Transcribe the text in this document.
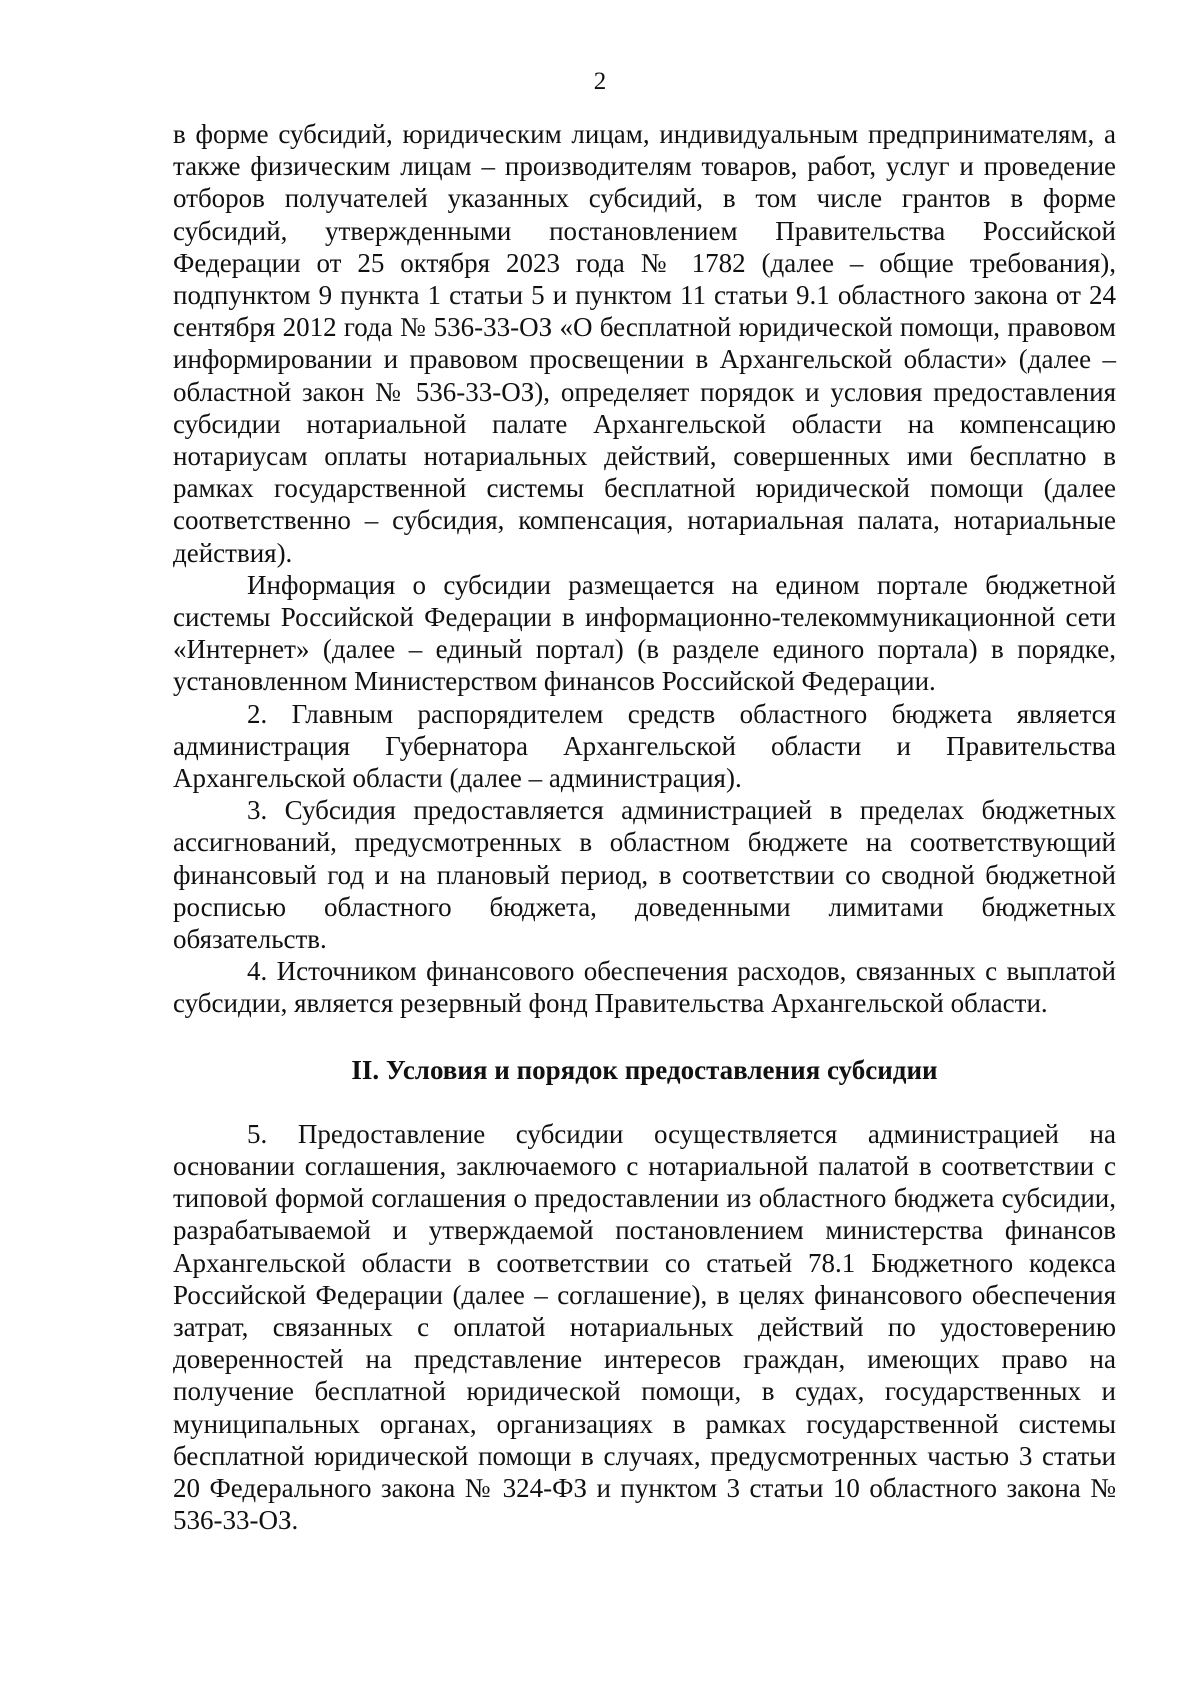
2

в форме субсидий, юридическим лицам, индивидуальным предпринимателям, а также физическим лицам – производителям товаров, работ, услуг и проведение отборов получателей указанных субсидий, в том числе грантов в форме субсидий, утвержденными постановлением Правительства Российской Федерации от 25 октября 2023 года № 1782 (далее – общие требования), подпунктом 9 пункта 1 статьи 5 и пунктом 11 статьи 9.1 областного закона от 24 сентября 2012 года № 536-33-ОЗ «О бесплатной юридической помощи, правовом информировании и правовом просвещении в Архангельской области» (далее – областной закон № 536-33-ОЗ), определяет порядок и условия предоставления субсидии нотариальной палате Архангельской области на компенсацию нотариусам оплаты нотариальных действий, совершенных ими бесплатно в рамках государственной системы бесплатной юридической помощи (далее соответственно – субсидия, компенсация, нотариальная палата, нотариальные действия).

Информация о субсидии размещается на едином портале бюджетной системы Российской Федерации в информационно-телекоммуникационной сети «Интернет» (далее – единый портал) (в разделе единого портала) в порядке, установленном Министерством финансов Российской Федерации.

2. Главным распорядителем средств областного бюджета является администрация Губернатора Архангельской области и Правительства Архангельской области (далее – администрация).

3. Субсидия предоставляется администрацией в пределах бюджетных ассигнований, предусмотренных в областном бюджете на соответствующий финансовый год и на плановый период, в соответствии со сводной бюджетной росписью областного бюджета, доведенными лимитами бюджетных обязательств.

4. Источником финансового обеспечения расходов, связанных с выплатой субсидии, является резервный фонд Правительства Архангельской области.

II. Условия и порядок предоставления субсидии

5. Предоставление субсидии осуществляется администрацией на основании соглашения, заключаемого с нотариальной палатой в соответствии с типовой формой соглашения о предоставлении из областного бюджета субсидии, разрабатываемой и утверждаемой постановлением министерства финансов Архангельской области в соответствии со статьей 78.1 Бюджетного кодекса Российской Федерации (далее – соглашение), в целях финансового обеспечения затрат, связанных с оплатой нотариальных действий по удостоверению доверенностей на представление интересов граждан, имеющих право на получение бесплатной юридической помощи, в судах, государственных и муниципальных органах, организациях в рамках государственной системы бесплатной юридической помощи в случаях, предусмотренных частью 3 статьи 20 Федерального закона № 324-ФЗ и пунктом 3 статьи 10 областного закона № 536-33-ОЗ.
